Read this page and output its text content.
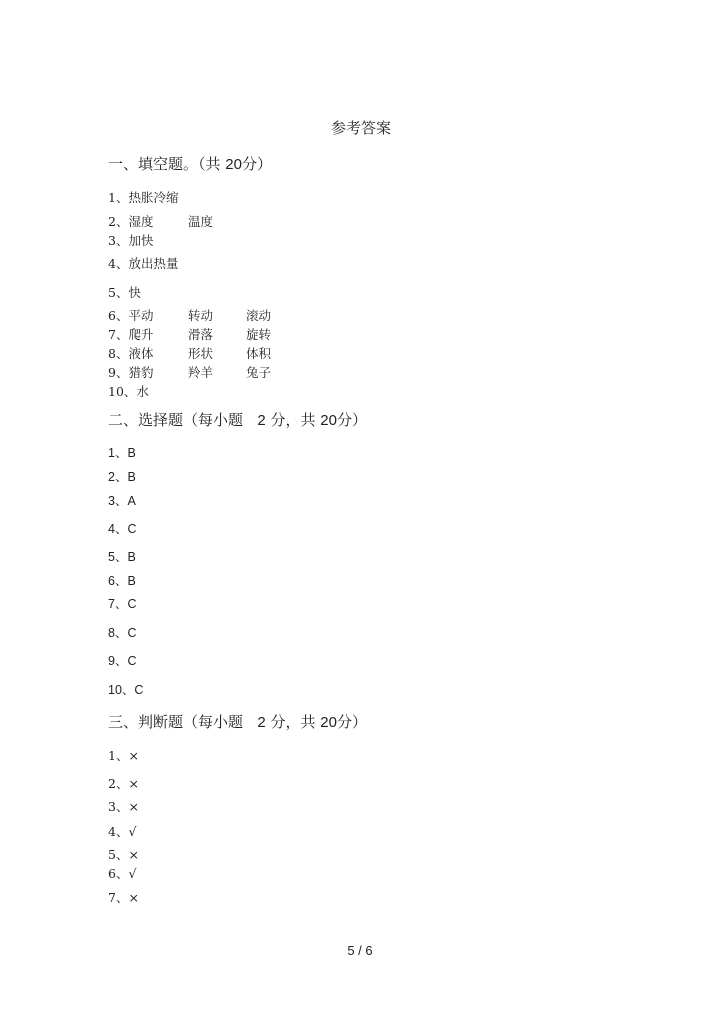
参考答案
一、填空题。（共 20分）
1、热胀冷缩
2、湿度	温度
3、加快
4、放出热量
5、快
6、平动	转动	滚动
7、爬升	滑落	旋转
8、液体	形状	体积
9、猎豹	羚羊	兔子
10、水
二、选择题（每小题 2 分，共 20分）
1、B
2、B
3、A
4、C
5、B
6、B
7、C
8、C
9、C
10、C
三、判断题（每小题 2 分，共 20分）
1、×
2、×
3、×
4、√
5、×
6、√
7、×
5 / 6
